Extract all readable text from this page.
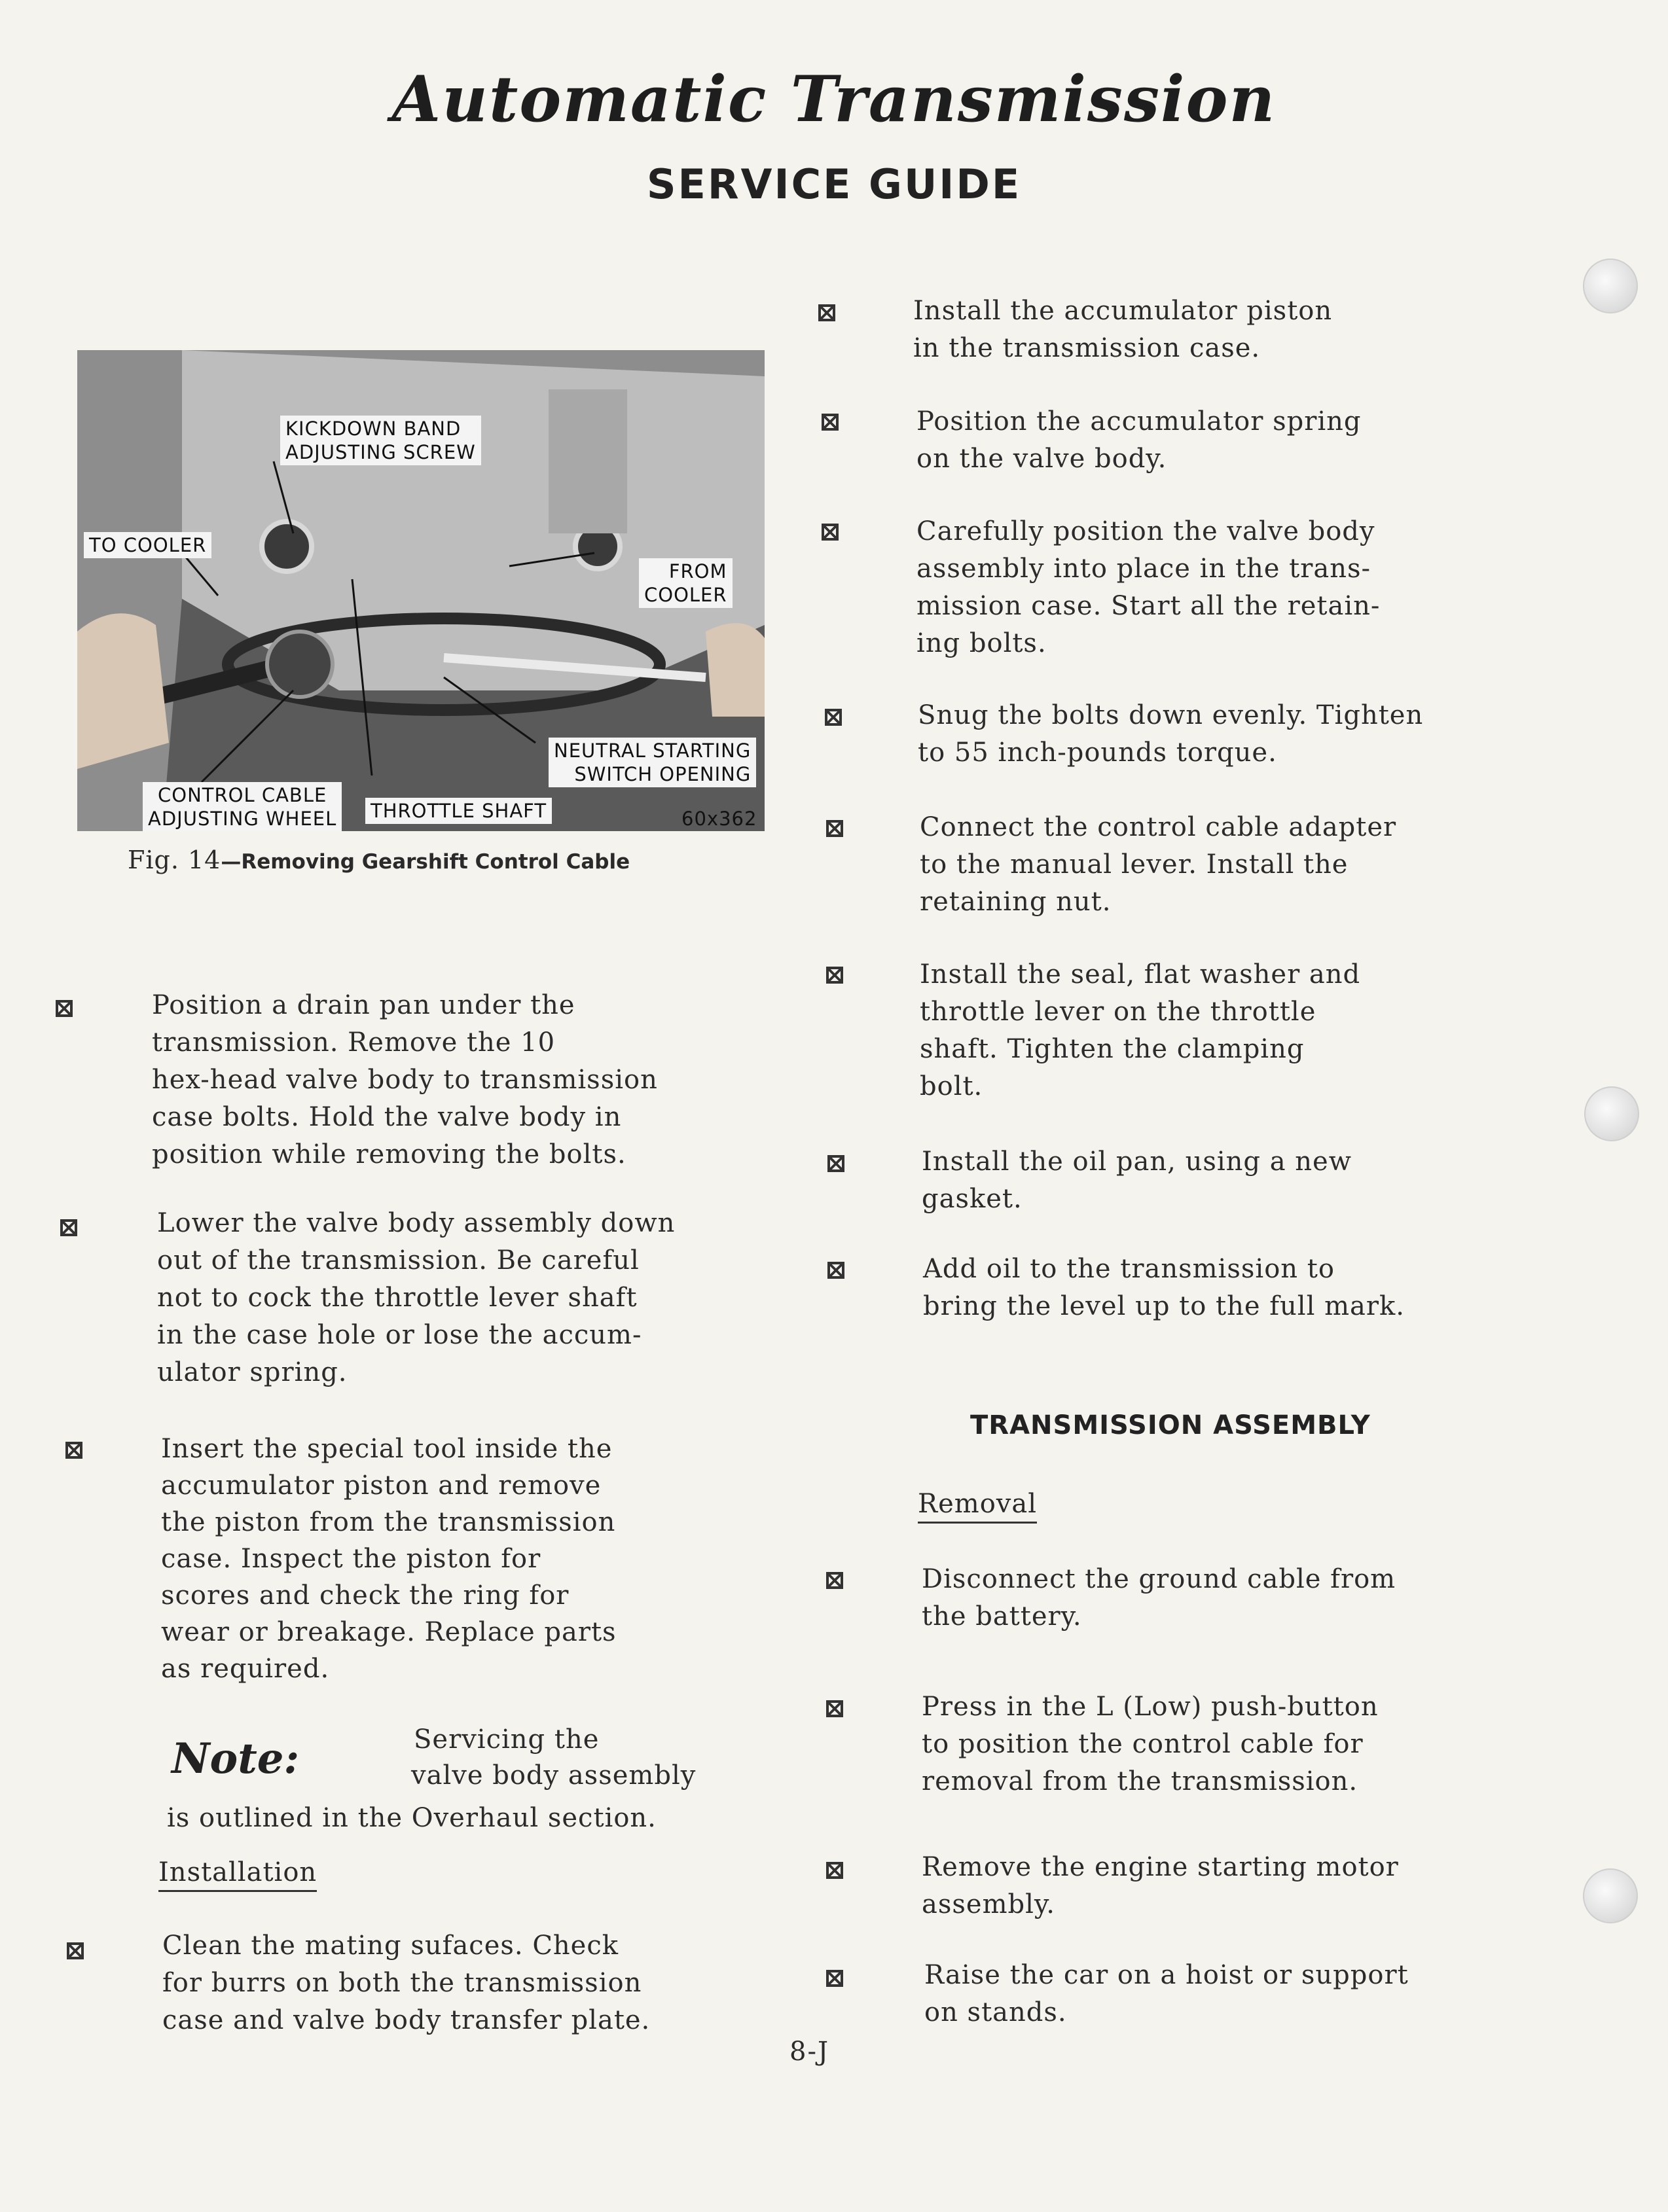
Automatic Transmission
SERVICE GUIDE
KICKDOWN BAND
ADJUSTING SCREW
TO COOLER
FROM
COOLER
NEUTRAL STARTING
SWITCH OPENING
CONTROL CABLE
ADJUSTING WHEEL THROTTLE SHAFT	60x362
Fig. 14—Removing Gearshift Control Cable
Position a drain pan under the
transmission. Remove the 10
hex-head valve body to transmission
case bolts. Hold the valve body in
position while removing the bolts.
Lower the valve body assembly down
out of the transmission. Be careful
not to cock the throttle lever shaft
in the case hole or lose the accum-
ulator spring.
Insert the special tool inside the
accumulator piston and remove
the piston from the transmission
case. Inspect the piston for
scores and check the ring for
wear or breakage. Replace parts
as required.
Note:	Servicing the
valve body assembly
is outlined in the Overhaul section.
Installation
Clean the mating sufaces. Check
for burrs on both the transmission
case and valve body transfer plate.
Install the accumulator piston
in the transmission case.
Position the accumulator spring
on the valve body.
Carefully position the valve body
assembly into place in the trans-
mission case. Start all the retain-
ing bolts.
Snug the bolts down evenly. Tighten
to 55 inch-pounds torque.
Connect the control cable adapter
to the manual lever. Install the
retaining nut.
Install the seal, flat washer and
throttle lever on the throttle
shaft. Tighten the clamping
bolt.
Install the oil pan, using a new
gasket.
Add oil to the transmission to
bring the level up to the full mark.
TRANSMISSION ASSEMBLY
Removal
Disconnect the ground cable from
the battery.
Press in the L (Low) push-button
to position the control cable for
removal from the transmission.
Remove the engine starting motor
assembly.
Raise the car on a hoist or support
on stands.
8-J
